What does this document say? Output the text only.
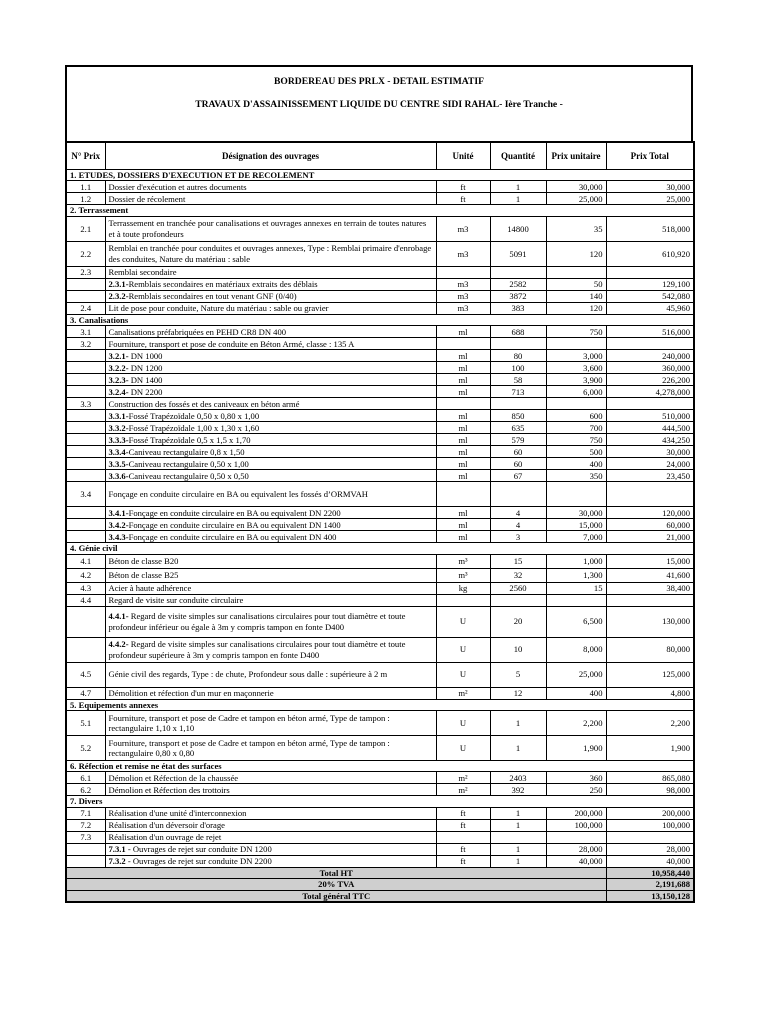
BORDEREAU DES PRLX - DETAIL ESTIMATIF
TRAVAUX D'ASSAINISSEMENT LIQUIDE DU CENTRE SIDI RAHAL- Ière Tranche -
N° Prix	Désignation des ouvrages	Unité	Quantité	Prix unitaire	Prix Total
1. ETUDES, DOSSIERS D'EXECUTION ET DE RECOLEMENT					
1.1	Dossier d'exécution et autres documents	ft	1	30,000	30,000
1.2	Dossier de récolement	ft	1	25,000	25,000
2. Terrassement					
2.1	Terrassement en tranchée pour canalisations et ouvrages annexes en terrain de toutes natures et à toute profondeurs	m3	14800	35	518,000
2.2	Remblai en tranchée pour conduites et ouvrages annexes, Type : Remblai primaire d'enrobage des conduites, Nature du matériau : sable	m3	5091	120	610,920
2.3	Remblai secondaire				
	2.3.1-Remblais secondaires en matériaux extraits des déblais	m3	2582	50	129,100
	2.3.2-Remblais secondaires en tout venant GNF (0/40)	m3	3872	140	542,080
2.4	Lit de pose pour conduite, Nature du matériau : sable ou gravier	m3	383	120	45,960
3. Canalisations					
3.1	Canalisations préfabriquées en PEHD CR8 DN 400	ml	688	750	516,000
3.2	Fourniture, transport et pose de conduite en Béton Armé, classe : 135 A				
	3.2.1- DN 1000	ml	80	3,000	240,000
	3.2.2- DN 1200	ml	100	3,600	360,000
	3.2.3- DN 1400	ml	58	3,900	226,200
	3.2.4- DN 2200	ml	713	6,000	4,278,000
3.3	Construction des fossés et des caniveaux en béton armé				
	3.3.1-Fossé Trapézoïdale 0,50 x 0,80 x 1,00	ml	850	600	510,000
	3.3.2-Fossé Trapézoïdale 1,00 x 1,30 x 1,60	ml	635	700	444,500
	3.3.3-Fossé Trapézoïdale 0,5 x 1,5 x 1,70	ml	579	750	434,250
	3.3.4-Caniveau rectangulaire 0,8 x 1,50	ml	60	500	30,000
	3.3.5-Caniveau rectangulaire 0,50 x 1,00	ml	60	400	24,000
	3.3.6-Caniveau rectangulaire 0,50 x 0,50	ml	67	350	23,450
3.4	Fonçage en conduite circulaire en BA ou equivalent les fossés d’ORMVAH				
	3.4.1-Fonçage en conduite circulaire en BA ou equivalent DN 2200	ml	4	30,000	120,000
	3.4.2-Fonçage en conduite circulaire en BA ou equivalent DN 1400	ml	4	15,000	60,000
	3.4.3-Fonçage en conduite circulaire en BA ou equivalent DN 400	ml	3	7,000	21,000
4. Génie civil					
4.1	Béton de classe B20	m³	15	1,000	15,000
4.2	Béton de classe B25	m³	32	1,300	41,600
4.3	Acier à haute adhérence	kg	2560	15	38,400
4.4	Regard de visite sur conduite circulaire				
	4.4.1- Regard de visite simples sur canalisations circulaires pour tout diamètre et toute profondeur inférieur ou égale à 3m y compris tampon en fonte D400	U	20	6,500	130,000
	4.4.2- Regard de visite simples sur canalisations circulaires pour tout diamètre et toute profondeur supérieure à 3m y compris tampon en fonte D400	U	10	8,000	80,000
4.5	Génie civil des regards, Type : de chute, Profondeur sous dalle : supérieure à 2 m	U	5	25,000	125,000
4.7	Démolition et réfection d'un mur en maçonnerie	m²	12	400	4,800
5. Equipements annexes					
5.1	Fourniture, transport et pose de Cadre et tampon en béton armé, Type de tampon : rectangulaire 1,10 x 1,10	U	1	2,200	2,200
5.2	Fourniture, transport et pose de Cadre et tampon en béton armé, Type de tampon : rectangulaire 0,80 x 0,80	U	1	1,900	1,900
6. Réfection et remise ne état des surfaces					
6.1	Démolion et Réfection de la chaussée	m²	2403	360	865,080
6.2	Démolion et Réfection des trottoirs	m²	392	250	98,000
7. Divers					
7.1	Réalisation d'une unité d'interconnexion	ft	1	200,000	200,000
7.2	Réalisation d'un déversoir d'orage	ft	1	100,000	100,000
7.3	Réalisation d'un ouvrage de rejet				
	7.3.1 - Ouvrages de rejet sur conduite DN 1200	ft	1	28,000	28,000
	7.3.2 - Ouvrages de rejet sur conduite DN 2200	ft	1	40,000	40,000
Total HT					10,958,440
20% TVA					2,191,688
Total général TTC					13,150,128
